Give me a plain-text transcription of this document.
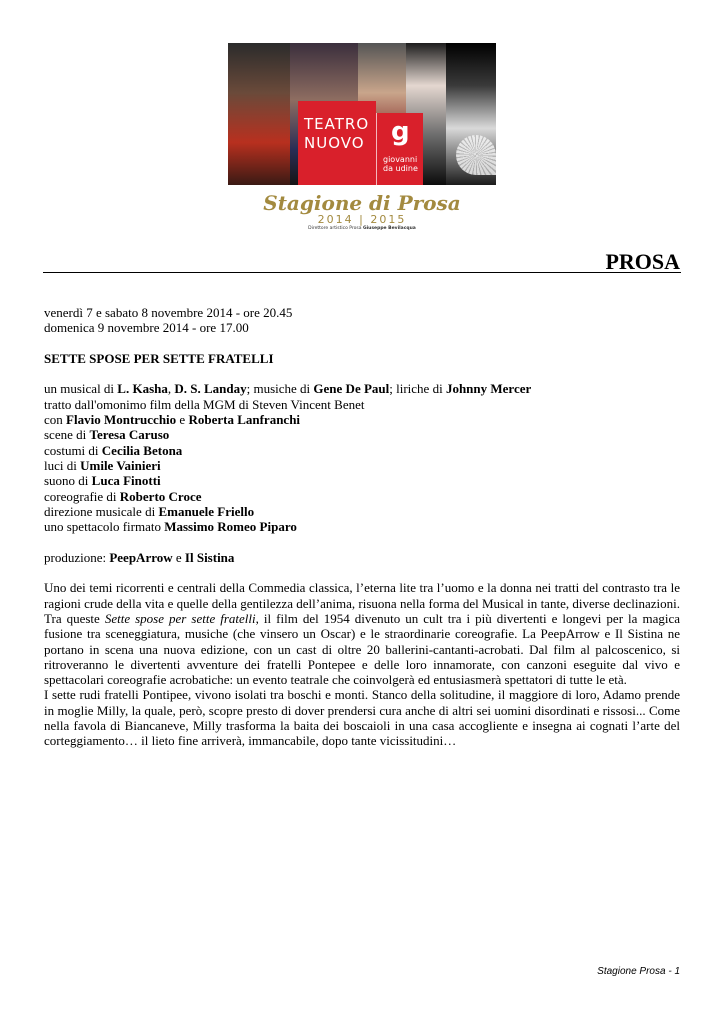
TEATRO
NUOVO g
giovanni
da udine
Stagione di Prosa
2014 | 2015
Direttore artistico Prosa Giuseppe Bevilacqua
PROSA

venerdì 7 e sabato 8 novembre 2014 - ore 20.45

domenica 9 novembre 2014 - ore 17.00

SETTE SPOSE PER SETTE FRATELLI

un musical di L. Kasha, D. S. Landay; musiche di Gene De Paul; liriche di Johnny Mercer
tratto dall'omonimo film della MGM di Steven Vincent Benet
con Flavio Montrucchio e Roberta Lanfranchi
scene di Teresa Caruso
costumi di Cecilia Betona
luci di Umile Vainieri
suono di Luca Finotti
coreografie di Roberto Croce
direzione musicale di Emanuele Friello
uno spettacolo firmato Massimo Romeo Piparo

produzione: PeepArrow e Il Sistina

Uno dei temi ricorrenti e centrali della Commedia classica, l’eterna lite tra l’uomo e la donna nei tratti del contrasto tra le ragioni crude della vita e quelle della gentilezza dell’anima, risuona nella forma del Musical in tante, diverse declinazioni. Tra queste Sette spose per sette fratelli, il film del 1954 divenuto un cult tra i più divertenti e longevi per la magica fusione tra sceneggiatura, musiche (che vinsero un Oscar) e le straordinarie coreografie. La PeepArrow e Il Sistina ne portano in scena una nuova edizione, con un cast di oltre 20 ballerini-cantanti-acrobati. Dal film al palcoscenico, si ritroveranno le divertenti avventure dei fratelli Pontepee e delle loro innamorate, con canzoni eseguite dal vivo e spettacolari coreografie acrobatiche: un evento teatrale che coinvolgerà ed entusiasmerà spettatori di tutte le età.

I sette rudi fratelli Pontipee, vivono isolati tra boschi e monti. Stanco della solitudine, il maggiore di loro, Adamo prende in moglie Milly, la quale, però, scopre presto di dover prendersi cura anche di altri sei uomini disordinati e rissosi... Come nella favola di Biancaneve, Milly trasforma la baita dei boscaioli in una casa accogliente e insegna ai cognati l’arte del corteggiamento… il lieto fine arriverà, immancabile, dopo tante vicissitudini…

Stagione Prosa - 1
